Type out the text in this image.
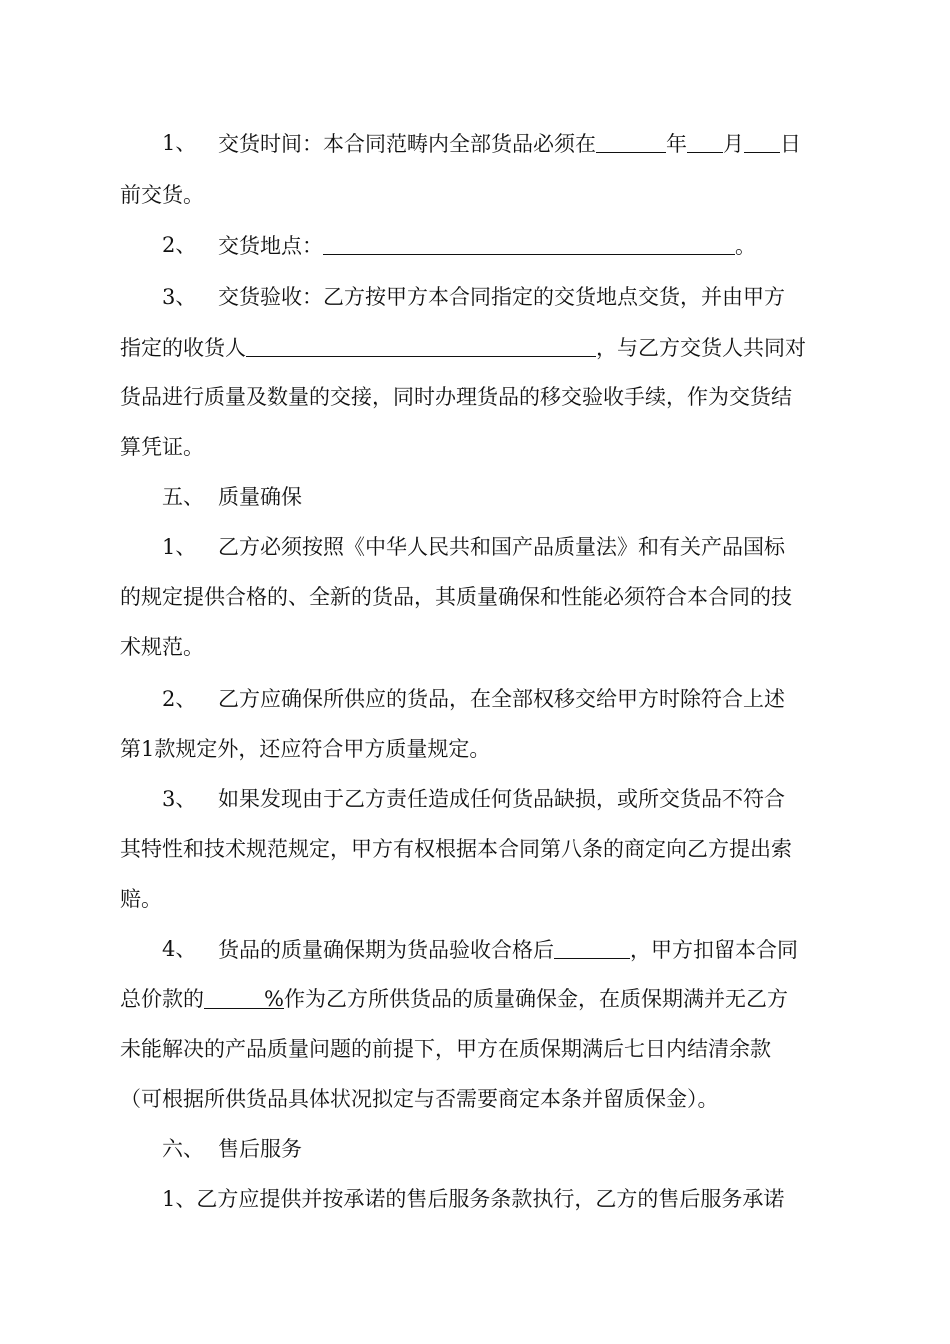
1、 交货时间：本合同范畴内全部货品必须在	年 月 日
前交货。
2、 交货地点：	。
3、 交货验收：乙方按甲方本合同指定的交货地点交货，并由甲方
指定的收货人	，与乙方交货人共同对
货品进行质量及数量的交接，同时办理货品的移交验收手续，作为交货结
算凭证。
五、 质量确保
1、 乙方必须按照《中华人民共和国产品质量法》和有关产品国标
的规定提供合格的、全新的货品，其质量确保和性能必须符合本合同的技
术规范。
2、 乙方应确保所供应的货品，在全部权移交给甲方时除符合上述
第1款规定外，还应符合甲方质量规定。
3、 如果发现由于乙方责任造成任何货品缺损，或所交货品不符合
其特性和技术规范规定，甲方有权根据本合同第八条的商定向乙方提出索
赔。
4、 货品的质量确保期为货品验收合格后	，甲方扣留本合同
总价款的	%作为乙方所供货品的质量确保金，在质保期满并无乙方
未能解决的产品质量问题的前提下，甲方在质保期满后七日内结清余款
（可根据所供货品具体状况拟定与否需要商定本条并留质保金）。
六、 售后服务
1、乙方应提供并按承诺的售后服务条款执行，乙方的售后服务承诺
